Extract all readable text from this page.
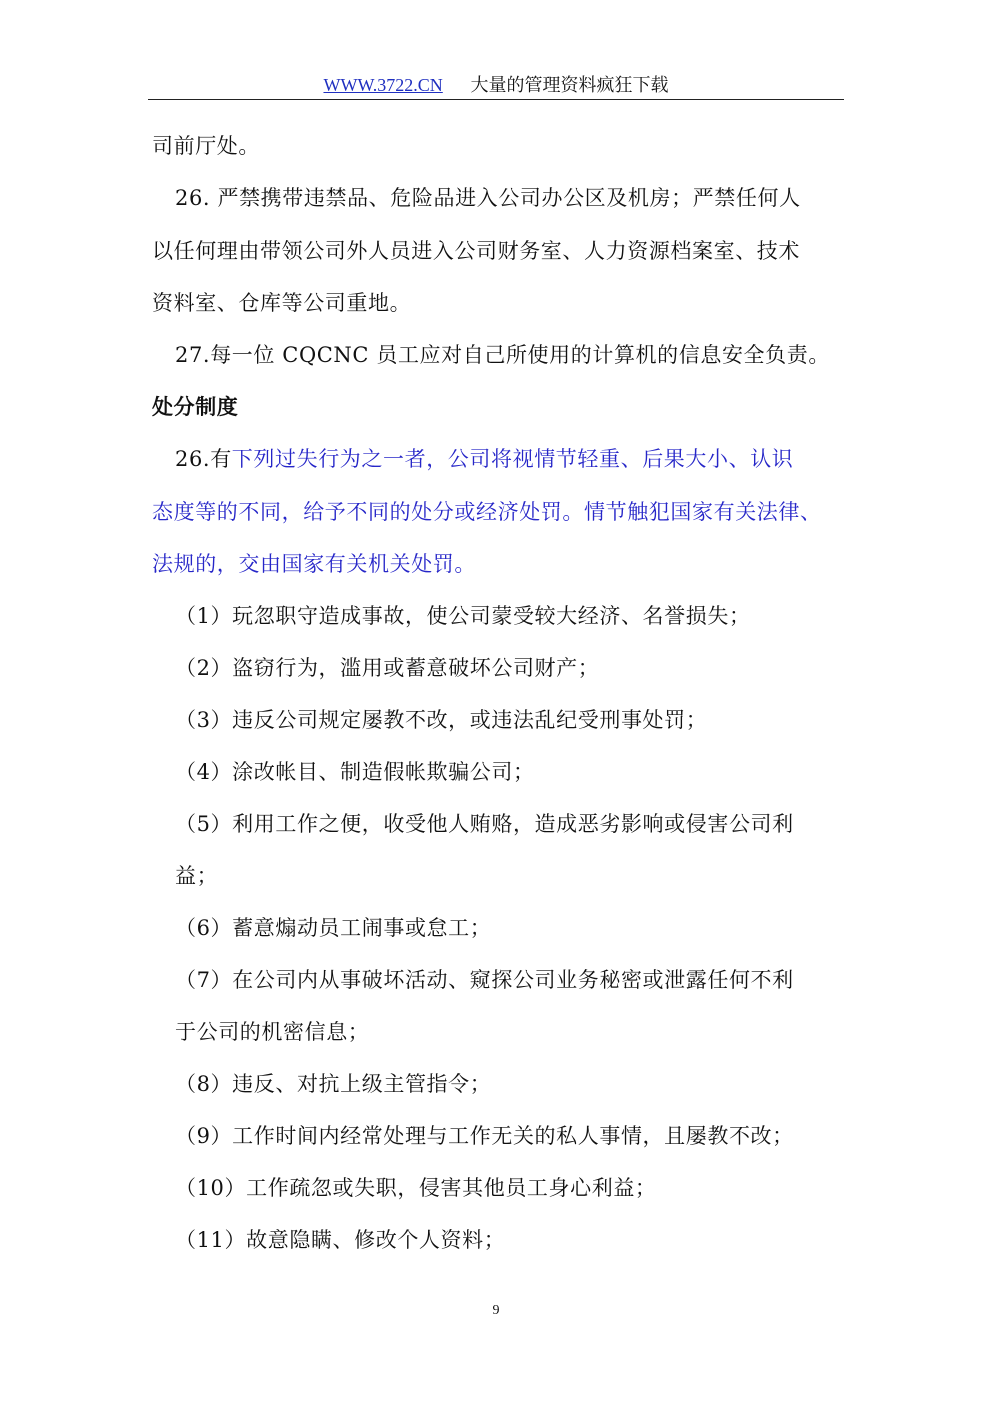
WWW.3722.CN 大量的管理资料疯狂下载
司前厅处。
26. 严禁携带违禁品、危险品进入公司办公区及机房；严禁任何人
以任何理由带领公司外人员进入公司财务室、人力资源档案室、技术
资料室、仓库等公司重地。
27.每一位 CQCNC 员工应对自己所使用的计算机的信息安全负责。
处分制度
26.有下列过失行为之一者，公司将视情节轻重、后果大小、认识
态度等的不同，给予不同的处分或经济处罚。情节触犯国家有关法律、
法规的，交由国家有关机关处罚。
（1）玩忽职守造成事故，使公司蒙受较大经济、名誉损失；
（2）盗窃行为，滥用或蓄意破坏公司财产；
（3）违反公司规定屡教不改，或违法乱纪受刑事处罚；
（4）涂改帐目、制造假帐欺骗公司；
（5）利用工作之便，收受他人贿赂，造成恶劣影响或侵害公司利
益；
（6）蓄意煽动员工闹事或怠工；
（7）在公司内从事破坏活动、窥探公司业务秘密或泄露任何不利
于公司的机密信息；
（8）违反、对抗上级主管指令；
（9）工作时间内经常处理与工作无关的私人事情，且屡教不改；
（10）工作疏忽或失职，侵害其他员工身心利益；
（11）故意隐瞒、修改个人资料；
9
